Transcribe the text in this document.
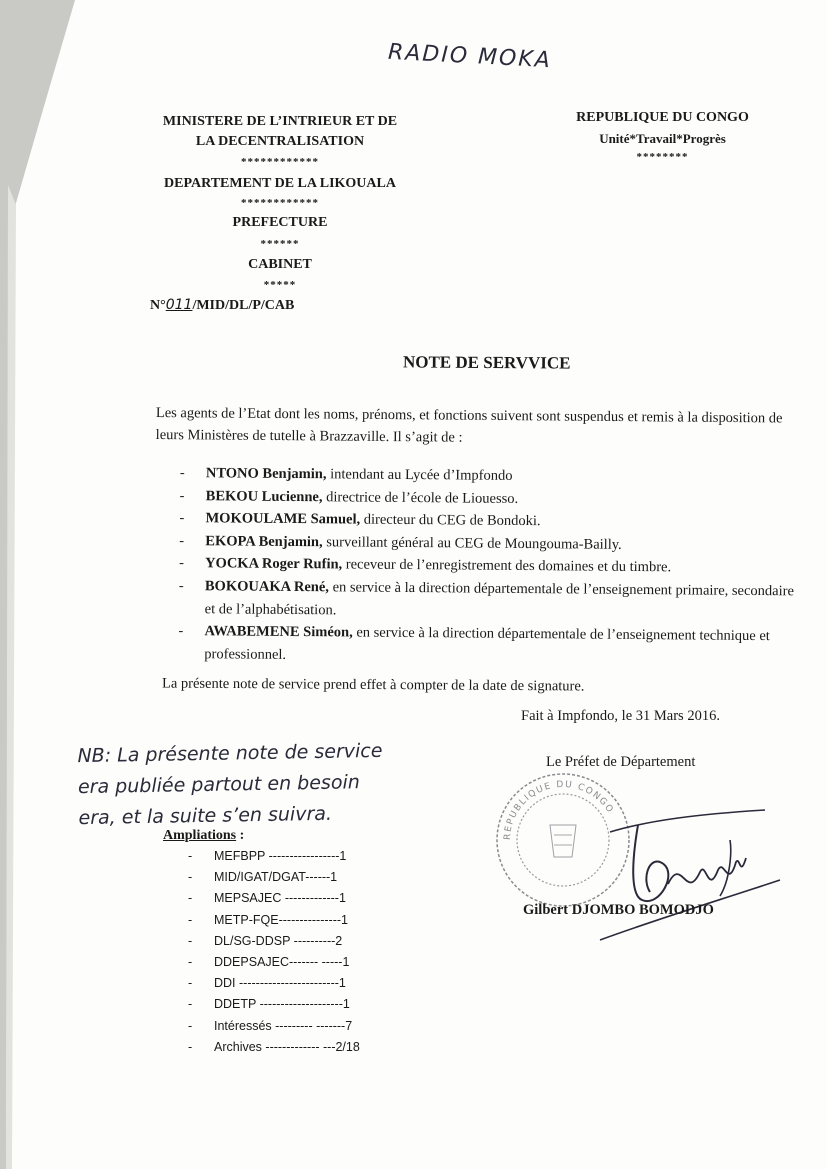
RADIO MOKA
MINISTERE DE L’INTRIEUR ET DE
LA DECENTRALISATION
************
DEPARTEMENT DE LA LIKOUALA
************
PREFECTURE
******
CABINET
*****
N°011/MID/DL/P/CAB
REPUBLIQUE DU CONGO
Unité*Travail*Progrès
********
NOTE DE SERVVICE
Les agents de l’Etat dont les noms, prénoms, et fonctions suivent sont suspendus et remis à la disposition de leurs Ministères de tutelle à Brazzaville. Il s’agit de :
- NTONO Benjamin, intendant au Lycée d’Impfondo
- BEKOU Lucienne, directrice de l’école de Liouesso.
- MOKOULAME Samuel, directeur du CEG de Bondoki.
- EKOPA Benjamin, surveillant général au CEG de Moungouma-Bailly.
- YOCKA Roger Rufin, receveur de l’enregistrement des domaines et du timbre.
- BOKOUAKA René, en service à la direction départementale de l’enseignement primaire, secondaire et de l’alphabétisation.
- AWABEMENE Siméon, en service à la direction départementale de l’enseignement technique et professionnel.
La présente note de service prend effet à compter de la date de signature.
Fait à Impfondo, le 31 Mars 2016.
NB: La présente note de service
era publiée partout en besoin
era, et la suite s’en suivra.
Le Préfet de Département
REPUBLIQUE DU CONGO
Gilbert DJOMBO BOMODJO
Ampliations :
- MEFBPP -----------------1
- MID/IGAT/DGAT------1
- MEPSAJEC -------------1
- METP-FQE---------------1
- DL/SG-DDSP ----------2
- DDEPSAJEC------- -----1
- DDI ------------------------1
- DDETP --------------------1
- Intéressés --------- -------7
- Archives ------------- ---2/18
